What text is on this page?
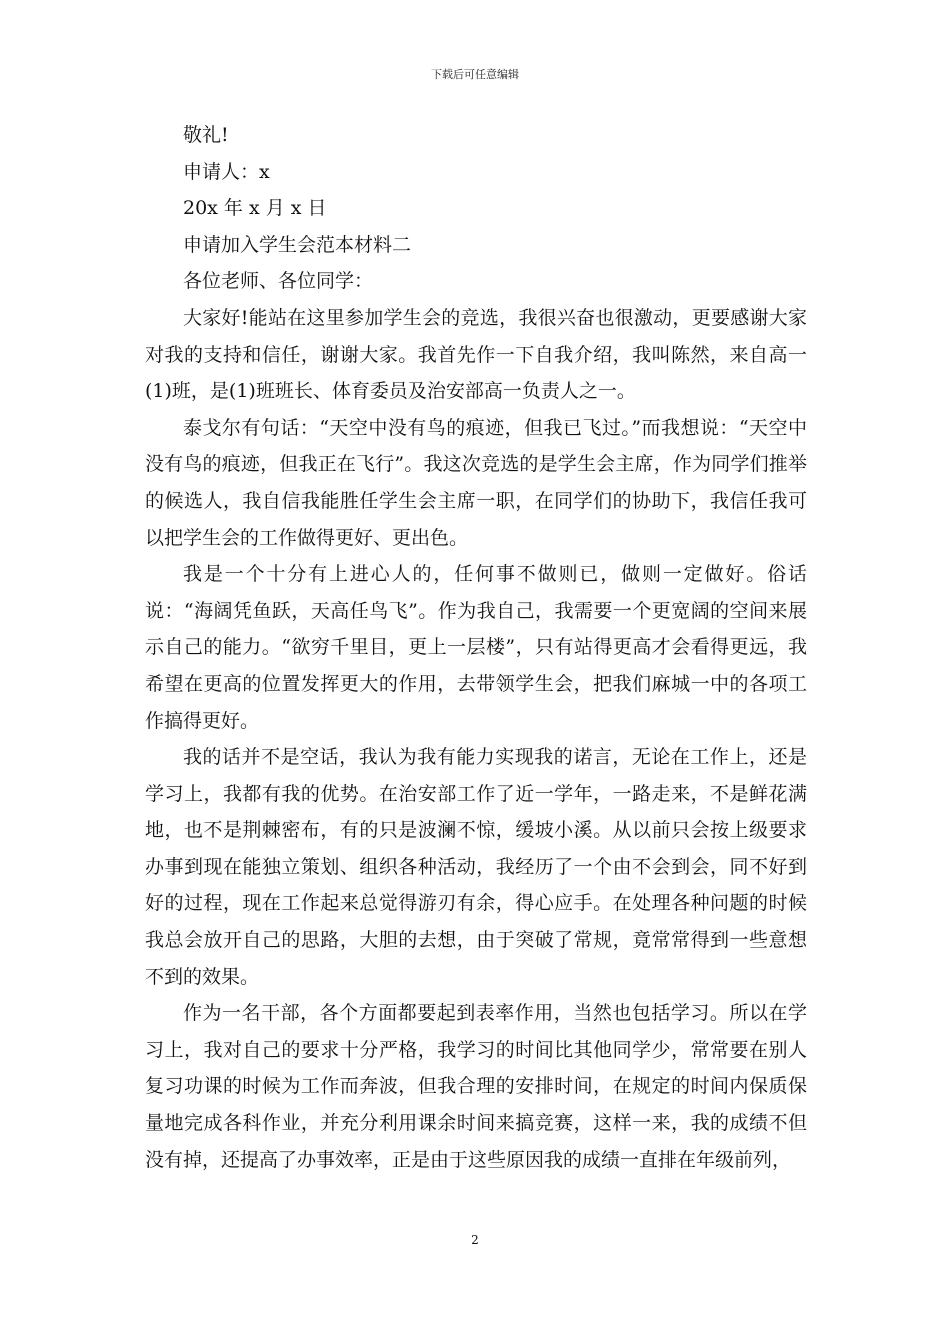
下载后可任意编辑

敬礼!

申请人：x

20x 年 x 月 x 日

申请加入学生会范本材料二

各位老师、各位同学：

大家好!能站在这里参加学生会的竞选，我很兴奋也很激动，更要感谢大家对我的支持和信任，谢谢大家。我首先作一下自我介绍，我叫陈然，来自高一(1)班，是(1)班班长、体育委员及治安部高一负责人之一。

泰戈尔有句话：“天空中没有鸟的痕迹，但我已飞过。”而我想说：“天空中没有鸟的痕迹，但我正在飞行”。我这次竞选的是学生会主席，作为同学们推举的候选人，我自信我能胜任学生会主席一职，在同学们的协助下，我信任我可以把学生会的工作做得更好、更出色。

我是一个十分有上进心人的，任何事不做则已，做则一定做好。俗话说：“海阔凭鱼跃，天高任鸟飞”。作为我自己，我需要一个更宽阔的空间来展示自己的能力。“欲穷千里目，更上一层楼”，只有站得更高才会看得更远，我希望在更高的位置发挥更大的作用，去带领学生会，把我们麻城一中的各项工作搞得更好。

我的话并不是空话，我认为我有能力实现我的诺言，无论在工作上，还是学习上，我都有我的优势。在治安部工作了近一学年，一路走来，不是鲜花满地，也不是荆棘密布，有的只是波澜不惊，缓坡小溪。从以前只会按上级要求办事到现在能独立策划、组织各种活动，我经历了一个由不会到会，同不好到好的过程，现在工作起来总觉得游刃有余，得心应手。在处理各种问题的时候我总会放开自己的思路，大胆的去想，由于突破了常规，竟常常得到一些意想不到的效果。

作为一名干部，各个方面都要起到表率作用，当然也包括学习。所以在学习上，我对自己的要求十分严格，我学习的时间比其他同学少，常常要在别人复习功课的时候为工作而奔波，但我合理的安排时间，在规定的时间内保质保量地完成各科作业，并充分利用课余时间来搞竞赛，这样一来，我的成绩不但没有掉，还提高了办事效率，正是由于这些原因我的成绩一直排在年级前列，

2
